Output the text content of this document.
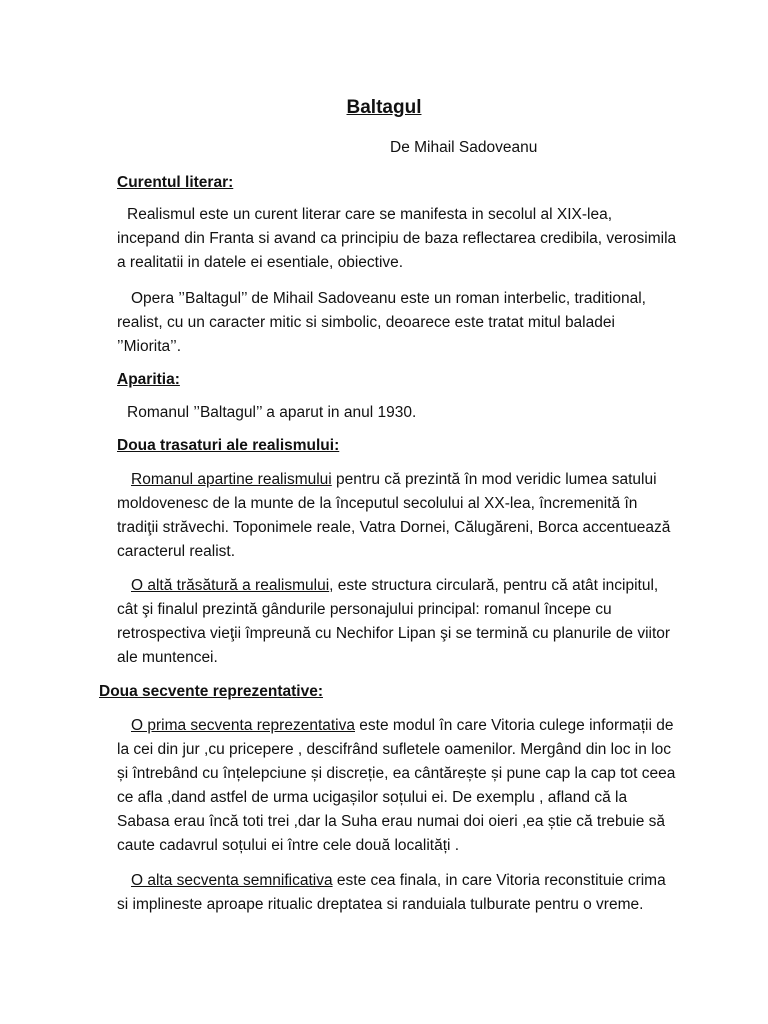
Baltagul

De Mihail Sadoveanu

Curentul literar:

Realismul este un curent literar care se manifesta in secolul al XIX-lea, incepand din Franta si avand ca principiu de baza reflectarea credibila, verosimila a realitatii in datele ei esentiale, obiective.

Opera ’’Baltagul’’ de Mihail Sadoveanu este un roman interbelic, traditional, realist, cu un caracter mitic si simbolic, deoarece este tratat mitul baladei ’’Miorita’’.

Aparitia:

Romanul ’’Baltagul’’ a aparut in anul 1930.

Doua trasaturi ale realismului:

Romanul apartine realismului pentru că prezintă în mod veridic lumea satului moldovenesc de la munte de la începutul secolului al XX-lea, încremenită în tradiţii străvechi. Toponimele reale, Vatra Dornei, Călugăreni, Borca accentuează caracterul realist.

O altă trăsătură a realismului, este structura circulară, pentru că atât incipitul, cât şi finalul prezintă gândurile personajului principal: romanul începe cu retrospectiva vieţii împreună cu Nechifor Lipan şi se termină cu planurile de viitor ale muntencei.

Doua secvente reprezentative:

O prima secventa reprezentativa este modul în care Vitoria culege informații de la cei din jur ,cu pricepere , descifrând sufletele oamenilor. Mergând din loc in loc și întrebând cu înțelepciune și discreție, ea cântărește și pune cap la cap tot ceea ce afla ,dand astfel de urma ucigașilor soțului ei. De exemplu , afland că la Sabasa erau încă toti trei ,dar la Suha erau numai doi oieri ,ea știe că trebuie să caute cadavrul soțului ei între cele două localități .

O alta secventa semnificativa este cea finala, in care Vitoria reconstituie crima si implineste aproape ritualic dreptatea si randuiala tulburate pentru o vreme.
